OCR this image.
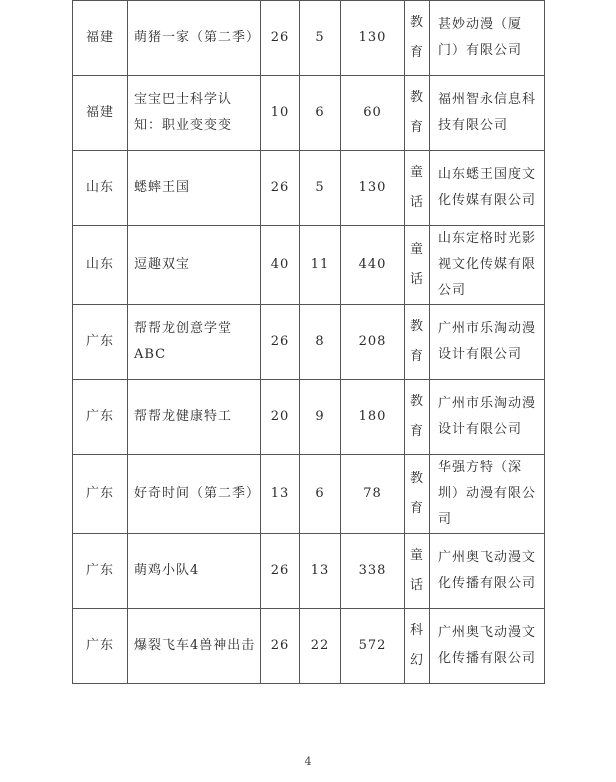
福建	萌猪一家（第二季）	26	5	130	教育	甚妙动漫（厦门）有限公司
福建	宝宝巴士科学认知：职业变变变	10	6	60	教育	福州智永信息科技有限公司
山东	蟋蟀王国	26	5	130	童话	山东蟋王国度文化传媒有限公司
山东	逗趣双宝	40	11	440	童话	山东定格时光影视文化传媒有限公司
广东	帮帮龙创意学堂ABC	26	8	208	教育	广州市乐淘动漫设计有限公司
广东	帮帮龙健康特工	20	9	180	教育	广州市乐淘动漫设计有限公司
广东	好奇时间（第二季）	13	6	78	教育	华强方特（深圳）动漫有限公司
广东	萌鸡小队4	26	13	338	童话	广州奥飞动漫文化传播有限公司
广东	爆裂飞车4兽神出击	26	22	572	科幻	广州奥飞动漫文化传播有限公司
4
